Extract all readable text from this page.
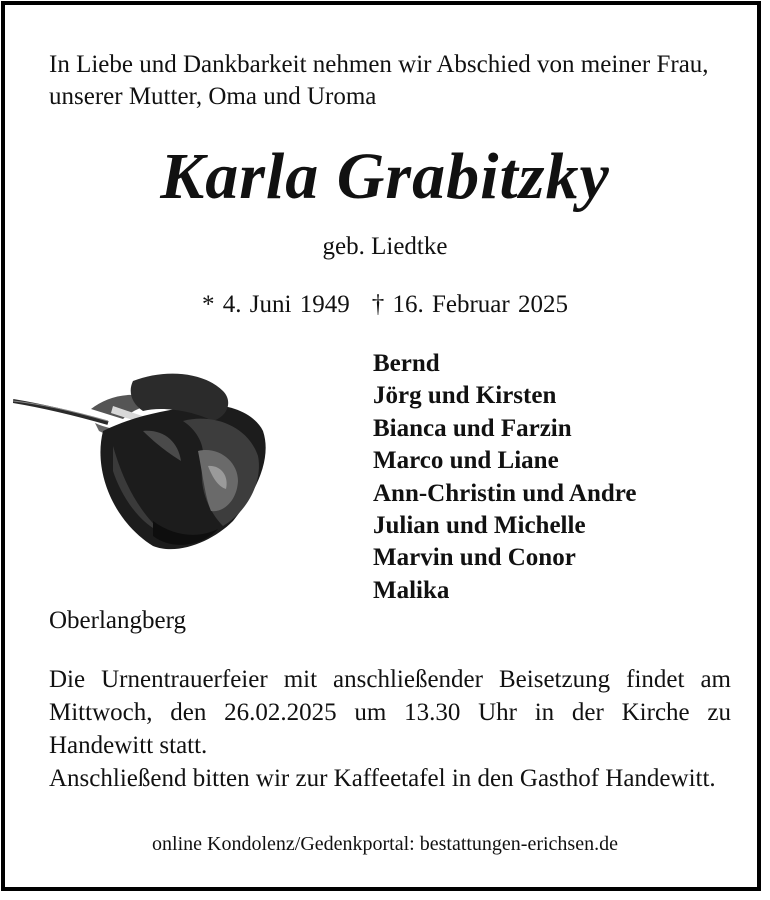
In Liebe und Dankbarkeit nehmen wir Abschied von meiner Frau, unserer Mutter, Oma und Uroma
Karla Grabitzky
geb. Liedtke
* 4. Juni 1949 † 16. Februar 2025
Bernd
Jörg und Kirsten
Bianca und Farzin
Marco und Liane
Ann-Christin und Andre
Julian und Michelle
Marvin und Conor
Malika
Oberlangberg

Die Urnentrauerfeier mit anschließender Beisetzung findet am Mittwoch, den 26.02.2025 um 13.30 Uhr in der Kirche zu Handewitt statt.

Anschließend bitten wir zur Kaffeetafel in den Gasthof Handewitt.

online Kondolenz/Gedenkportal: bestattungen-erichsen.de
